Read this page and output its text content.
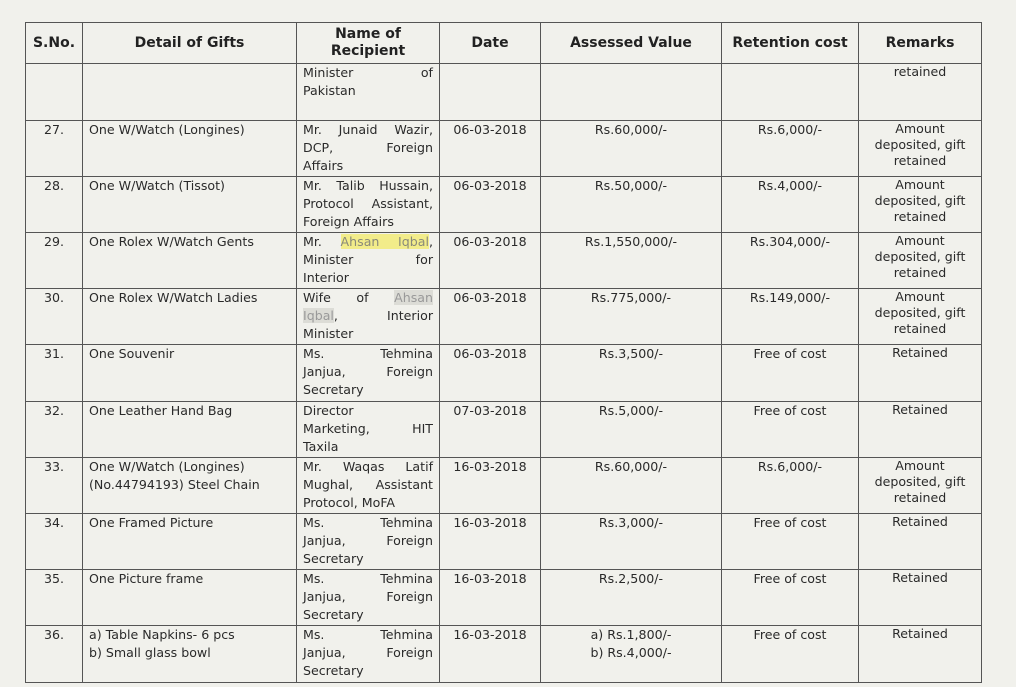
S.No.	Detail of Gifts	Name of
Recipient	Date	Assessed Value	Retention cost	Remarks

		Minister of
Pakistan				retained
27.	One W/Watch (Longines)	Mr. Junaid Wazir,
DCP, Foreign
Affairs	06-03-2018	Rs.60,000/-	Rs.6,000/-	Amount
deposited, gift
retained
28.	One W/Watch (Tissot)	Mr. Talib Hussain,
Protocol Assistant,
Foreign Affairs	06-03-2018	Rs.50,000/-	Rs.4,000/-	Amount
deposited, gift
retained
29.	One Rolex W/Watch Gents	Mr. Ahsan Iqbal,
Minister for
Interior	06-03-2018	Rs.1,550,000/-	Rs.304,000/-	Amount
deposited, gift
retained
30.	One Rolex W/Watch Ladies	Wife of Ahsan
Iqbal, Interior
Minister	06-03-2018	Rs.775,000/-	Rs.149,000/-	Amount
deposited, gift
retained
31.	One Souvenir	Ms. Tehmina
Janjua, Foreign
Secretary	06-03-2018	Rs.3,500/-	Free of cost	Retained
32.	One Leather Hand Bag	Director
Marketing, HIT
Taxila	07-03-2018	Rs.5,000/-	Free of cost	Retained
33.	One W/Watch (Longines)
(No.44794193) Steel Chain	Mr. Waqas Latif
Mughal, Assistant
Protocol, MoFA	16-03-2018	Rs.60,000/-	Rs.6,000/-	Amount
deposited, gift
retained
34.	One Framed Picture	Ms. Tehmina
Janjua, Foreign
Secretary	16-03-2018	Rs.3,000/-	Free of cost	Retained
35.	One Picture frame	Ms. Tehmina
Janjua, Foreign
Secretary	16-03-2018	Rs.2,500/-	Free of cost	Retained
36.	a) Table Napkins- 6 pcs
b) Small glass bowl	Ms. Tehmina
Janjua, Foreign
Secretary	16-03-2018	a) Rs.1,800/-
b) Rs.4,000/-	Free of cost	Retained
